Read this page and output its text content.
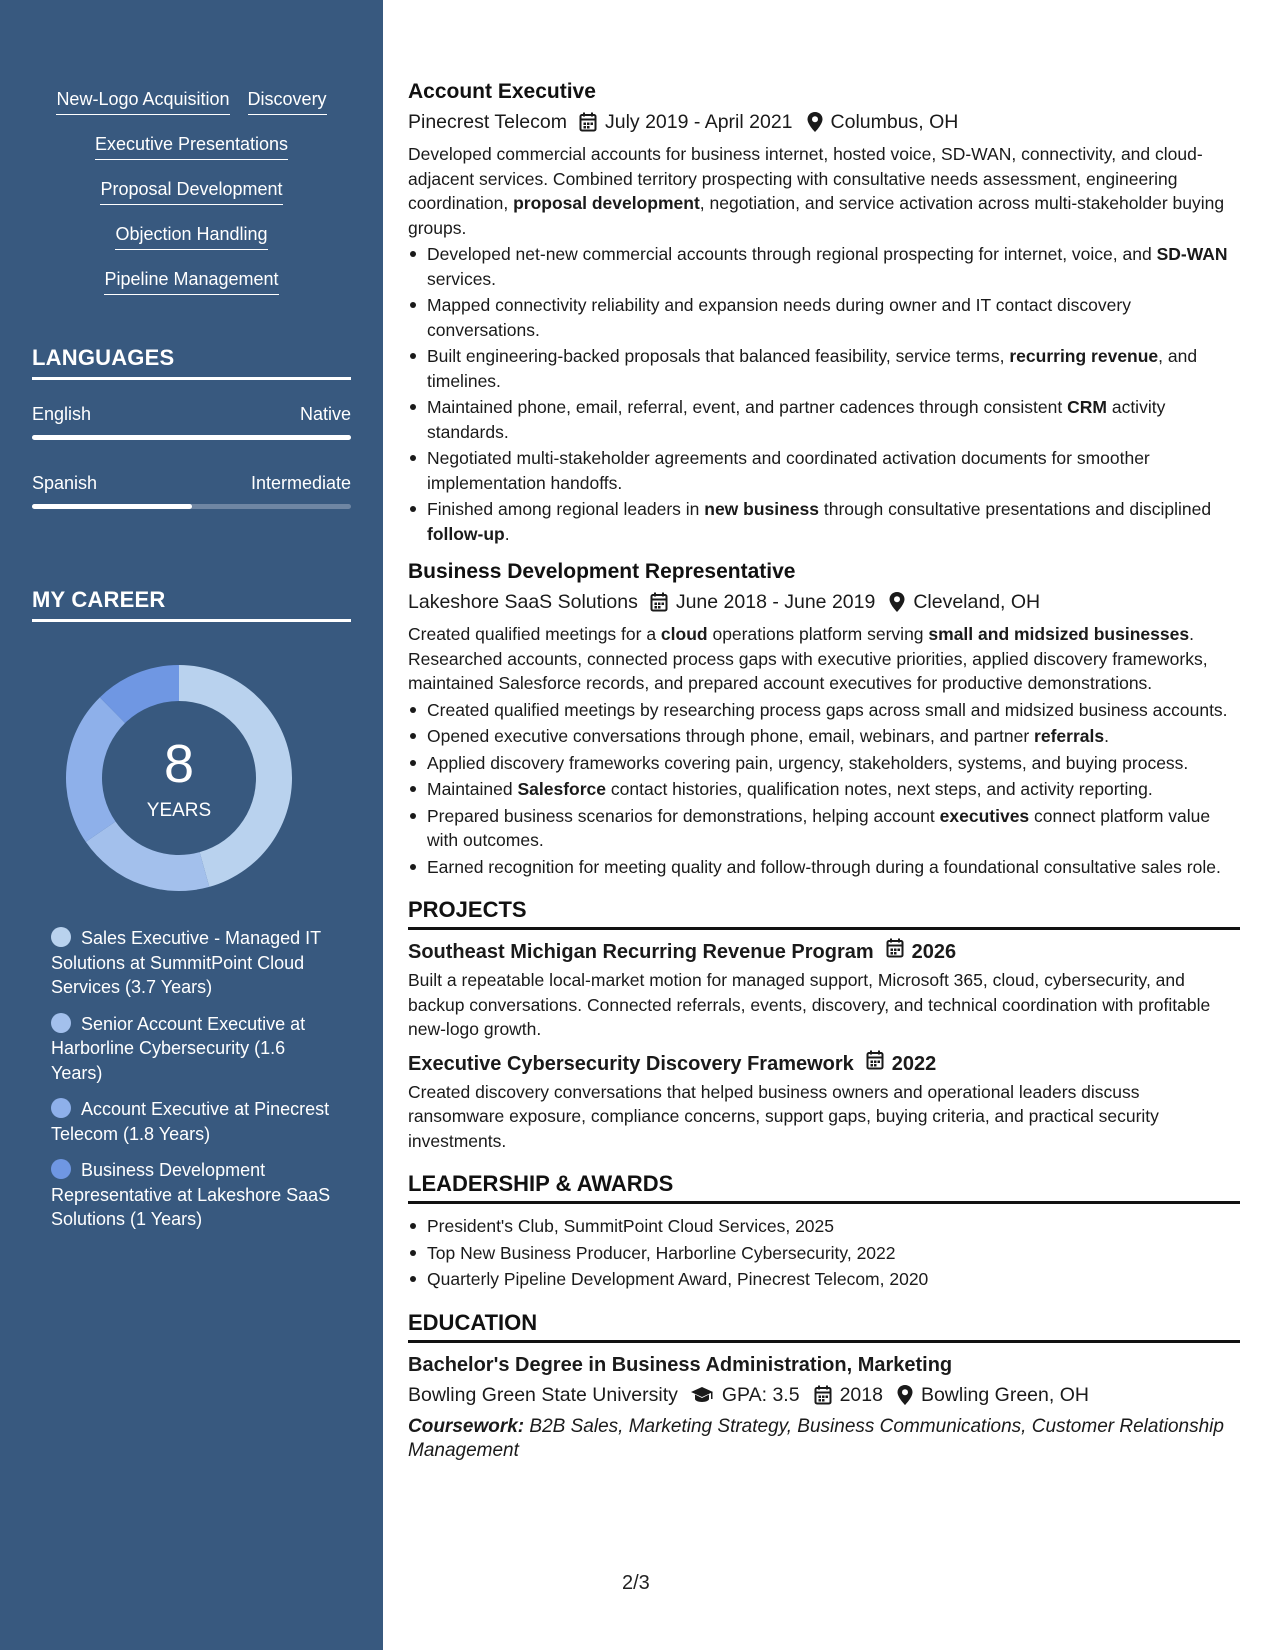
New-Logo Acquisition Discovery
Executive Presentations
Proposal Development
Objection Handling
Pipeline Management
LANGUAGES
English	Native
Spanish	Intermediate
MY CAREER
8
YEARS
Sales Executive - Managed IT Solutions at SummitPoint Cloud Services (3.7 Years)
Senior Account Executive at Harborline Cybersecurity (1.6 Years)
Account Executive at Pinecrest Telecom (1.8 Years)
Business Development Representative at Lakeshore SaaS Solutions (1 Years)
Account Executive
Pinecrest Telecom July 2019 - April 2021 Columbus, OH

Developed commercial accounts for business internet, hosted voice, SD-WAN, connectivity, and cloud-adjacent services. Combined territory prospecting with consultative needs assessment, engineering coordination, proposal development, negotiation, and service activation across multi-stakeholder buying groups.

Developed net-new commercial accounts through regional prospecting for internet, voice, and SD-WAN services.
Mapped connectivity reliability and expansion needs during owner and IT contact discovery conversations.
Built engineering-backed proposals that balanced feasibility, service terms, recurring revenue, and timelines.
Maintained phone, email, referral, event, and partner cadences through consistent CRM activity standards.
Negotiated multi-stakeholder agreements and coordinated activation documents for smoother implementation handoffs.
Finished among regional leaders in new business through consultative presentations and disciplined follow-up.
Business Development Representative
Lakeshore SaaS Solutions June 2018 - June 2019 Cleveland, OH

Created qualified meetings for a cloud operations platform serving small and midsized businesses. Researched accounts, connected process gaps with executive priorities, applied discovery frameworks, maintained Salesforce records, and prepared account executives for productive demonstrations.

Created qualified meetings by researching process gaps across small and midsized business accounts.
Opened executive conversations through phone, email, webinars, and partner referrals.
Applied discovery frameworks covering pain, urgency, stakeholders, systems, and buying process.
Maintained Salesforce contact histories, qualification notes, next steps, and activity reporting.
Prepared business scenarios for demonstrations, helping account executives connect platform value with outcomes.
Earned recognition for meeting quality and follow-through during a foundational consultative sales role.
PROJECTS
Southeast Michigan Recurring Revenue Program 2026

Built a repeatable local-market motion for managed support, Microsoft 365, cloud, cybersecurity, and backup conversations. Connected referrals, events, discovery, and technical coordination with profitable new-logo growth.

Executive Cybersecurity Discovery Framework 2022

Created discovery conversations that helped business owners and operational leaders discuss ransomware exposure, compliance concerns, support gaps, buying criteria, and practical security investments.

LEADERSHIP & AWARDS
President's Club, SummitPoint Cloud Services, 2025
Top New Business Producer, Harborline Cybersecurity, 2022
Quarterly Pipeline Development Award, Pinecrest Telecom, 2020
EDUCATION
Bachelor's Degree in Business Administration, Marketing
Bowling Green State University GPA: 3.5 2018 Bowling Green, OH
Coursework: B2B Sales, Marketing Strategy, Business Communications, Customer Relationship Management
2/3
